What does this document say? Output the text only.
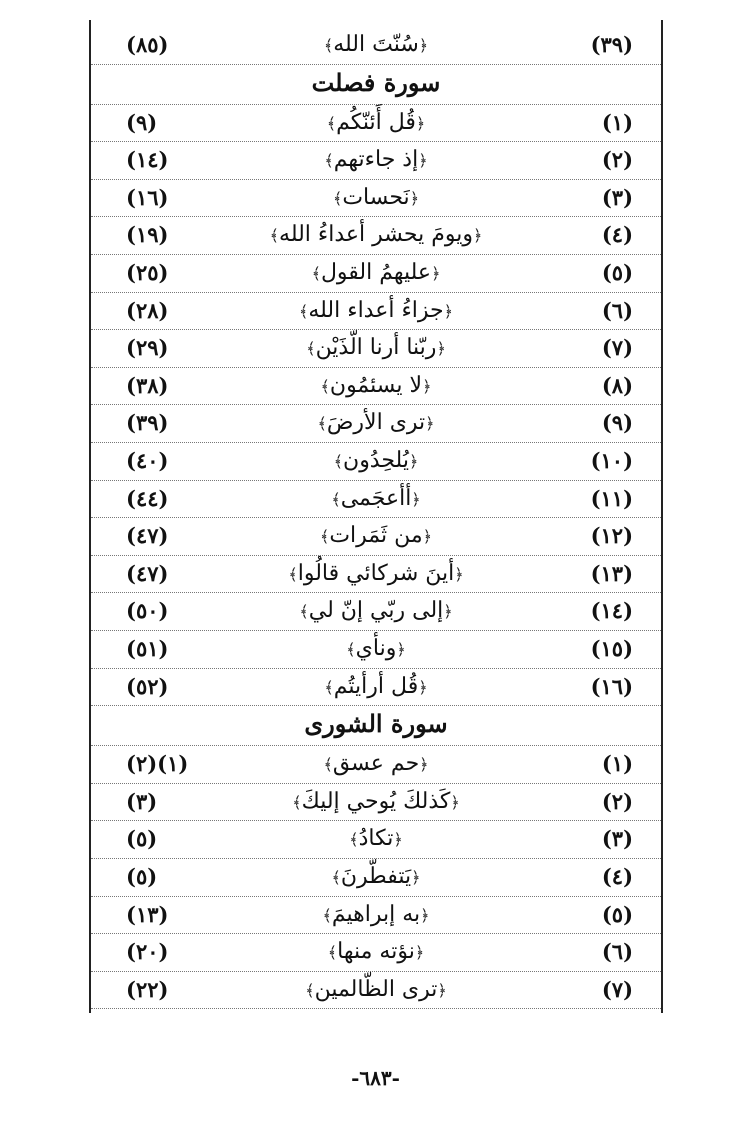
(٣٩)
﴿سُنّتَ الله﴾
(٨٥)
سورة فصلت
(١)
﴿قُل أَئنّكُم﴾
(٩)
(٢)
﴿إذ جاءتهم﴾
(١٤)
(٣)
﴿نَحسات﴾
(١٦)
(٤)
﴿ويومَ يحشر أعداءُ الله﴾
(١٩)
(٥)
﴿عليهمُ القول﴾
(٢٥)
(٦)
﴿جزاءُ أعداء الله﴾
(٢٨)
(٧)
﴿ربّنا أرنا الّذَيْن﴾
(٢٩)
(٨)
﴿لا يسئمُون﴾
(٣٨)
(٩)
﴿ترى الأرضَ﴾
(٣٩)
(١٠)
﴿يُلحِدُون﴾
(٤٠)
(١١)
﴿أأعجَمى﴾
(٤٤)
(١٢)
﴿من ثَمَرات﴾
(٤٧)
(١٣)
﴿أينَ شركائي قالُوا﴾
(٤٧)
(١٤)
﴿إلى ربّي إنّ لي﴾
(٥٠)
(١٥)
﴿ونأي﴾
(٥١)
(١٦)
﴿قُل أرأيتُم﴾
(٥٢)
سورة الشورى
(١)
﴿حم عسق﴾
(١)(٢)
(٢)
﴿كَذلكَ يُوحي إليكَ﴾
(٣)
(٣)
﴿تكادُ﴾
(٥)
(٤)
﴿يَتفطّرنَ﴾
(٥)
(٥)
﴿به إبراهيمَ﴾
(١٣)
(٦)
﴿نؤته منها﴾
(٢٠)
(٧)
﴿ترى الظّالمين﴾
(٢٢)
-٦٨٣-
